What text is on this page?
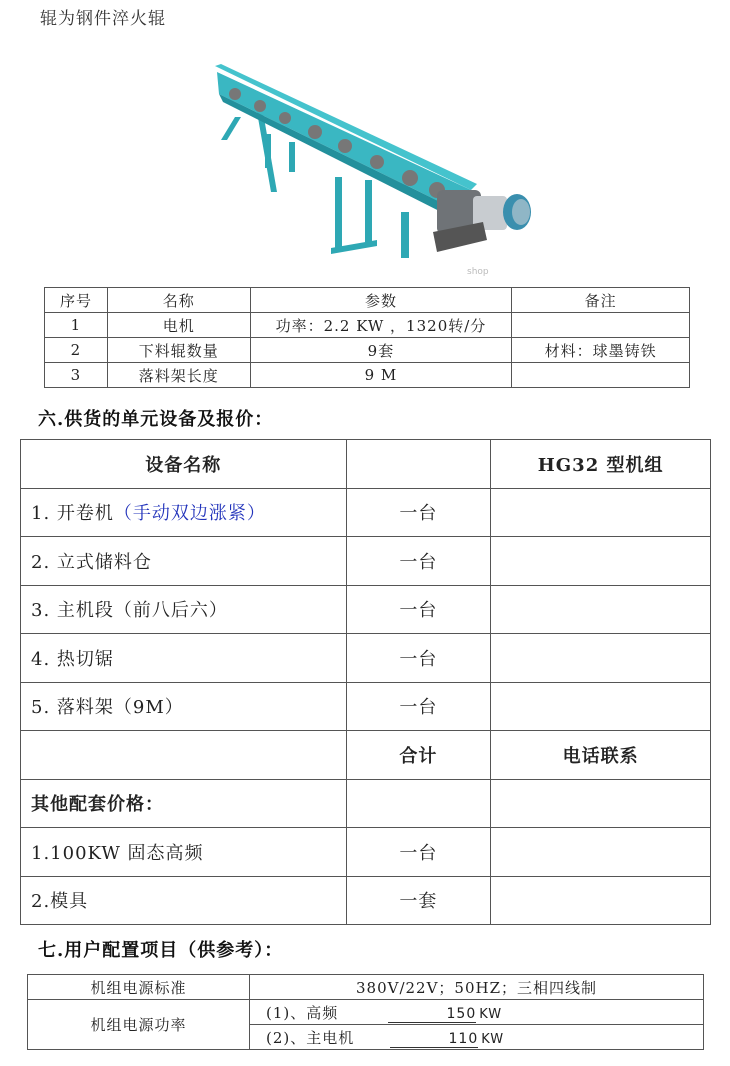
辊为钢件淬火辊
shop
序号	名称	参数	备注
1	电机	功率：2.2 KW ，1320转/分	
2	下料辊数量	9套	材料：球墨铸铁
3	落料架长度	9 M	
六.供货的单元设备及报价：
设备名称		HG32 型机组
1. 开卷机（手动双边涨紧）	一台	
2. 立式储料仓	一台	
3. 主机段（前八后六）	一台	
4. 热切锯	一台	
5. 落料架（9M）	一台	
	合计	电话联系
其他配套价格：		
1.100KW 固态高频	一台	
2.模具	一套	
七.用户配置项目（供参考）：
机组电源标准	380V/22V；50HZ；三相四线制
机组电源功率	(1)、高频 150 KW
	(2)、主电机 110 KW
